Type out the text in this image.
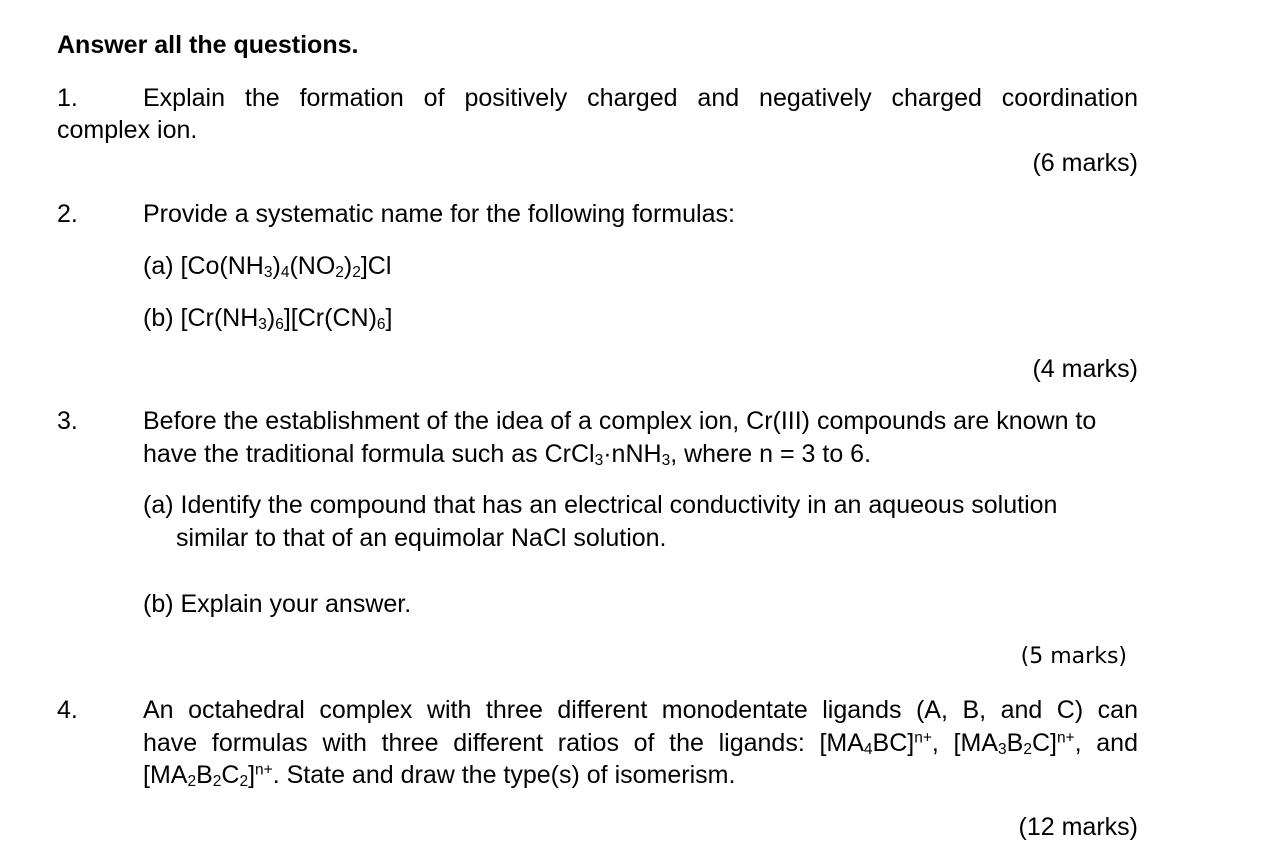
Answer all the questions.
1.	Explain the formation of positively charged and negatively charged coordination
complex ion.
(6 marks)
2.	Provide a systematic name for the following formulas:
(a) $[Co(NH_3)_4(NO_2)_2]Cl$
(b) $[Cr(NH_3)_6][Cr(CN)_6]$
(4 marks)
3.	Before the establishment of the idea of a complex ion, Cr(III) compounds are known to
have the traditional formula such as CrCl$_3$·nNH$_3$, where n = 3 to 6.
(a) Identify the compound that has an electrical conductivity in an aqueous solution
similar to that of an equimolar NaCl solution.
(b) Explain your answer.
(5 marks)
4.	An octahedral complex with three different monodentate ligands (A, B, and C) can
have formulas with three different ratios of the ligands: $[MA_4BC]^{n+}$, $[MA_3B_2C]^{n+}$, and
$[MA_2B_2C_2]^{n+}$. State and draw the type(s) of isomerism.
(12 marks)
